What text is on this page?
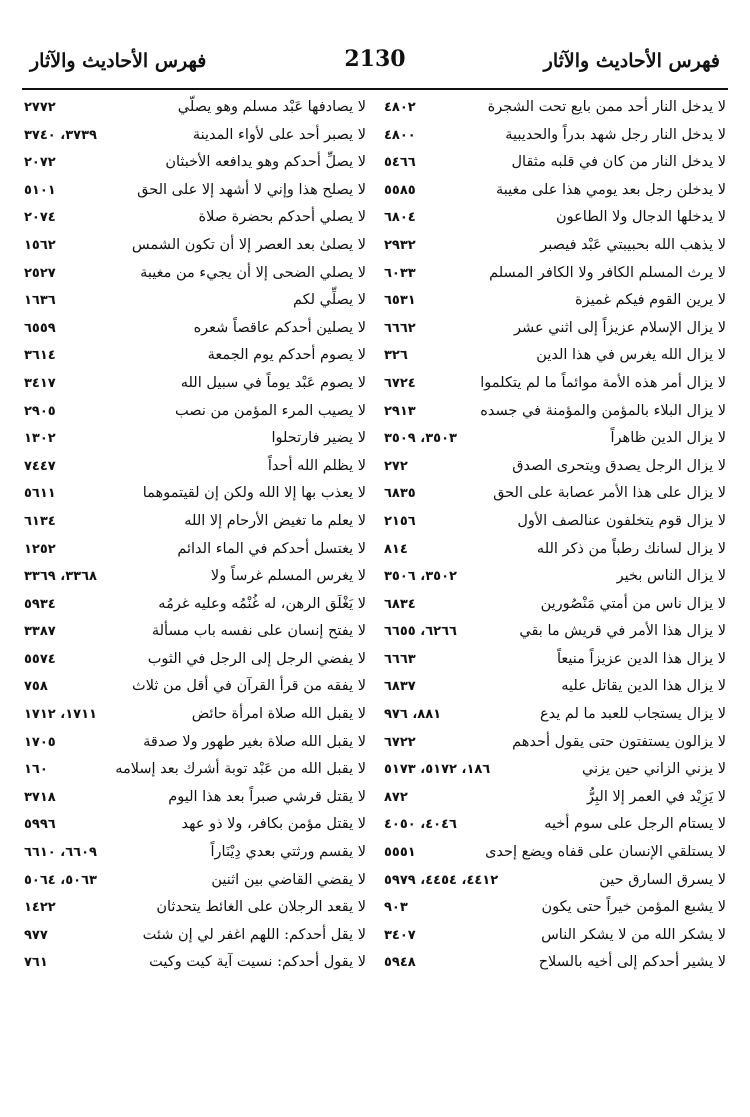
فهرس الأحاديث والآثار
2130
فهرس الأحاديث والآثار
لا يدخل النار أحد ممن بايع تحت الشجرة
٤٨٠٢
لا يدخل النار رجل شهد بدراً والحديبية
٤٨٠٠
لا يدخل النار من كان في قلبه مثقال
٥٤٦٦
لا يدخلن رجل بعد يومي هذا على مغيبة
٥٥٨٥
لا يدخلها الدجال ولا الطاعون
٦٨٠٤
لا يذهب الله بحبيبتي عَبْد فيصبر
٢٩٣٢
لا يرث المسلم الكافر ولا الكافر المسلم
٦٠٣٣
لا يرين القوم فيكم غميزة
٦٥٣١
لا يزال الإسلام عزيزاً إلى اثني عشر
٦٦٦٢
لا يزال الله يغرس في هذا الدين
٣٢٦
لا يزال أمر هذه الأمة موائماً ما لم يتكلموا
٦٧٢٤
لا يزال البلاء بالمؤمن والمؤمنة في جسده
٢٩١٣
لا يزال الدين ظاهراً
٣٥٠٣، ٣٥٠٩
لا يزال الرجل يصدق ويتحرى الصدق
٢٧٢
لا يزال على هذا الأمر عصابة على الحق
٦٨٣٥
لا يزال قوم يتخلفون عنالصف الأول
٢١٥٦
لا يزال لسانك رطباً من ذكر الله
٨١٤
لا يزال الناس بخير
٣٥٠٢، ٣٥٠٦
لا يزال ناس من أمتي مَنْصُورين
٦٨٣٤
لا يزال هذا الأمر في قريش ما بقي
٦٢٦٦، ٦٦٥٥
لا يزال هذا الدين عزيزاً منيعاً
٦٦٦٣
لا يزال هذا الدين يقاتل عليه
٦٨٣٧
لا يزال يستجاب للعبد ما لم يدع
٨٨١، ٩٧٦
لا يزالون يستفتون حتى يقول أحدهم
٦٧٢٢
لا يزني الزاني حين يزني
١٨٦، ٥١٧٢، ٥١٧٣
لا يَزِيْد في العمر إلا البِرُّ
٨٧٢
لا يستام الرجل على سوم أخيه
٤٠٤٦، ٤٠٥٠
لا يستلقي الإنسان على قفاه ويضع إحدى
٥٥٥١
لا يسرق السارق حين
٤٤١٢، ٤٤٥٤، ٥٩٧٩
لا يشبع المؤمن خيراً حتى يكون
٩٠٣
لا يشكر الله من لا يشكر الناس
٣٤٠٧
لا يشير أحدكم إلى أخيه بالسلاح
٥٩٤٨
لا يصادفها عَبْد مسلم وهو يصلّي
٢٧٧٢
لا يصبر أحد على لأواء المدينة
٣٧٣٩، ٣٧٤٠
لا يصلِّ أحدكم وهو يدافعه الأخبثان
٢٠٧٢
لا يصلح هذا وإني لا أشهد إلا على الحق
٥١٠١
لا يصلي أحدكم بحضرة صلاة
٢٠٧٤
لا يصلىٰ بعد العصر إلا أن تكون الشمس
١٥٦٢
لا يصلي الضحى إلا أن يجيء من مغيبة
٢٥٢٧
لا يصلِّي لكم
١٦٣٦
لا يصلين أحدكم عاقصاً شعره
٦٥٥٩
لا يصوم أحدكم يوم الجمعة
٣٦١٤
لا يصوم عَبْد يوماً في سبيل الله
٣٤١٧
لا يصيب المرء المؤمن من نصب
٢٩٠٥
لا يضير فارتحلوا
١٣٠٢
لا يظلم الله أحداً
٧٤٤٧
لا يعذب بها إلا الله ولكن إن لقيتموهما
٥٦١١
لا يعلم ما تغيض الأرحام إلا الله
٦١٣٤
لا يغتسل أحدكم في الماء الدائم
١٢٥٢
لا يغرس المسلم غرساً ولا
٣٣٦٨، ٣٣٦٩
لا يَغْلَق الرهن، له غُنْمُه وعليه غرمُه
٥٩٣٤
لا يفتح إنسان على نفسه باب مسألة
٣٣٨٧
لا يفضي الرجل إلى الرجل في الثوب
٥٥٧٤
لا يفقه من قرأ القرآن في أقل من ثلاث
٧٥٨
لا يقبل الله صلاة امرأة حائض
١٧١١، ١٧١٢
لا يقبل الله صلاة بغير طهور ولا صدقة
١٧٠٥
لا يقبل الله من عَبْد توبة أشرك بعد إسلامه
١٦٠
لا يقتل قرشي صبراً بعد هذا اليوم
٣٧١٨
لا يقتل مؤمن بكافر، ولا ذو عهد
٥٩٩٦
لا يقسم ورثتي بعدي دِيْنَاراً
٦٦٠٩، ٦٦١٠
لا يقضي القاضي بين اثنين
٥٠٦٣، ٥٠٦٤
لا يقعد الرجلان على الغائط يتحدثان
١٤٢٢
لا يقل أحدكم: اللهم اغفر لي إن شئت
٩٧٧
لا يقول أحدكم: نسيت آية كيت وكيت
٧٦١
